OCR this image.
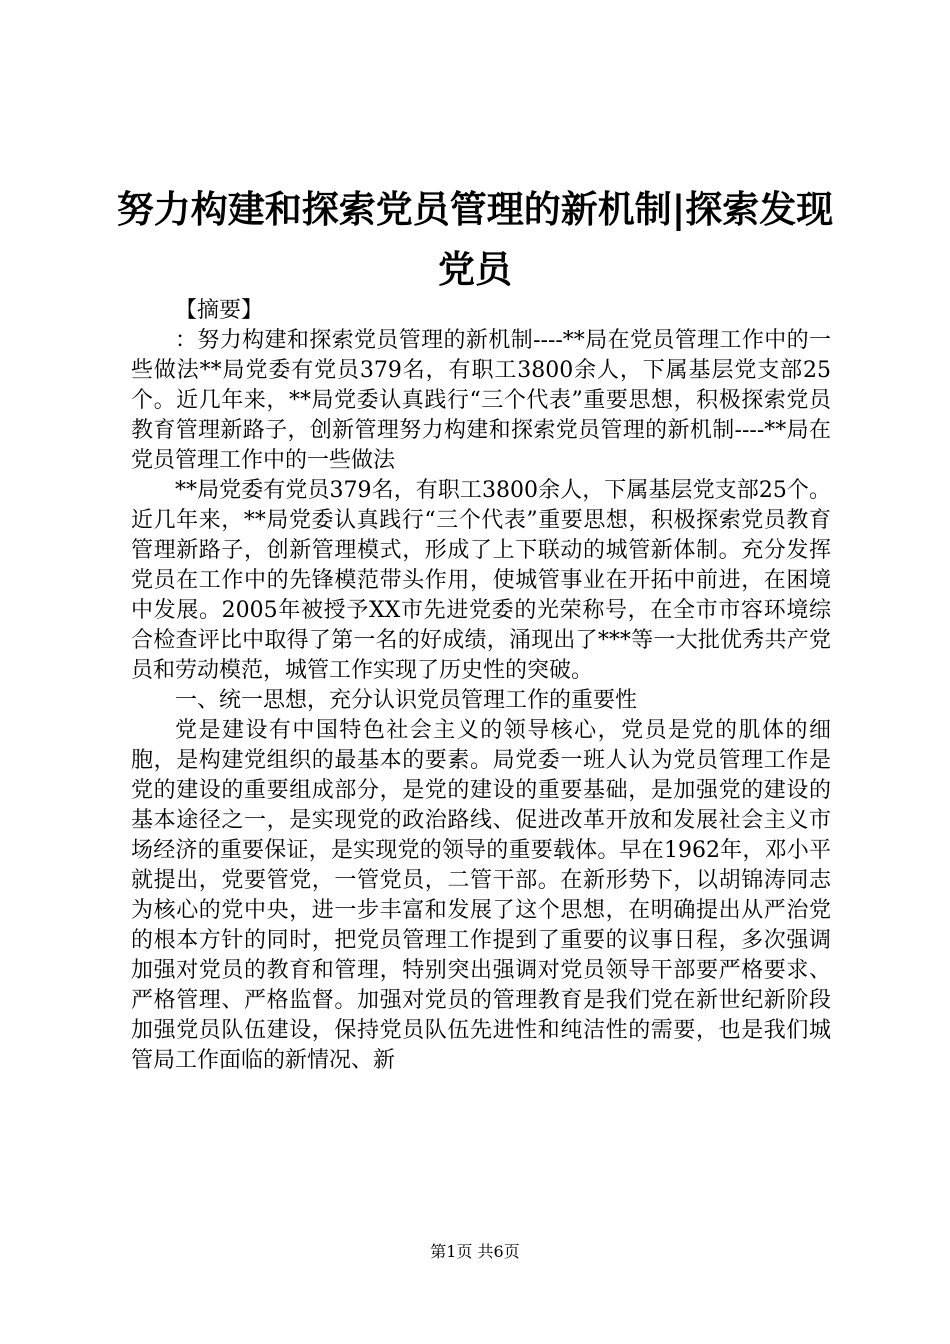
努力构建和探索党员管理的新机制|探索发现党员

【摘要】

：努力构建和探索党员管理的新机制----**局在党员管理工作中的一些做法**局党委有党员379名，有职工3800余人，下属基层党支部25个。近几年来，**局党委认真践行“三个代表”重要思想，积极探索党员教育管理新路子，创新管理努力构建和探索党员管理的新机制----**局在党员管理工作中的一些做法

**局党委有党员379名，有职工3800余人，下属基层党支部25个。近几年来，**局党委认真践行“三个代表”重要思想，积极探索党员教育管理新路子，创新管理模式，形成了上下联动的城管新体制。充分发挥党员在工作中的先锋模范带头作用，使城管事业在开拓中前进，在困境中发展。2005年被授予XX市先进党委的光荣称号，在全市市容环境综合检查评比中取得了第一名的好成绩，涌现出了***等一大批优秀共产党员和劳动模范，城管工作实现了历史性的突破。

一、统一思想，充分认识党员管理工作的重要性

党是建设有中国特色社会主义的领导核心，党员是党的肌体的细胞，是构建党组织的最基本的要素。局党委一班人认为党员管理工作是党的建设的重要组成部分，是党的建设的重要基础，是加强党的建设的基本途径之一，是实现党的政治路线、促进改革开放和发展社会主义市场经济的重要保证，是实现党的领导的重要载体。早在1962年，邓小平就提出，党要管党，一管党员，二管干部。在新形势下，以胡锦涛同志为核心的党中央，进一步丰富和发展了这个思想，在明确提出从严治党的根本方针的同时，把党员管理工作提到了重要的议事日程，多次强调加强对党员的教育和管理，特别突出强调对党员领导干部要严格要求、严格管理、严格监督。加强对党员的管理教育是我们党在新世纪新阶段加强党员队伍建设，保持党员队伍先进性和纯洁性的需要，也是我们城管局工作面临的新情况、新

第1页 共6页
